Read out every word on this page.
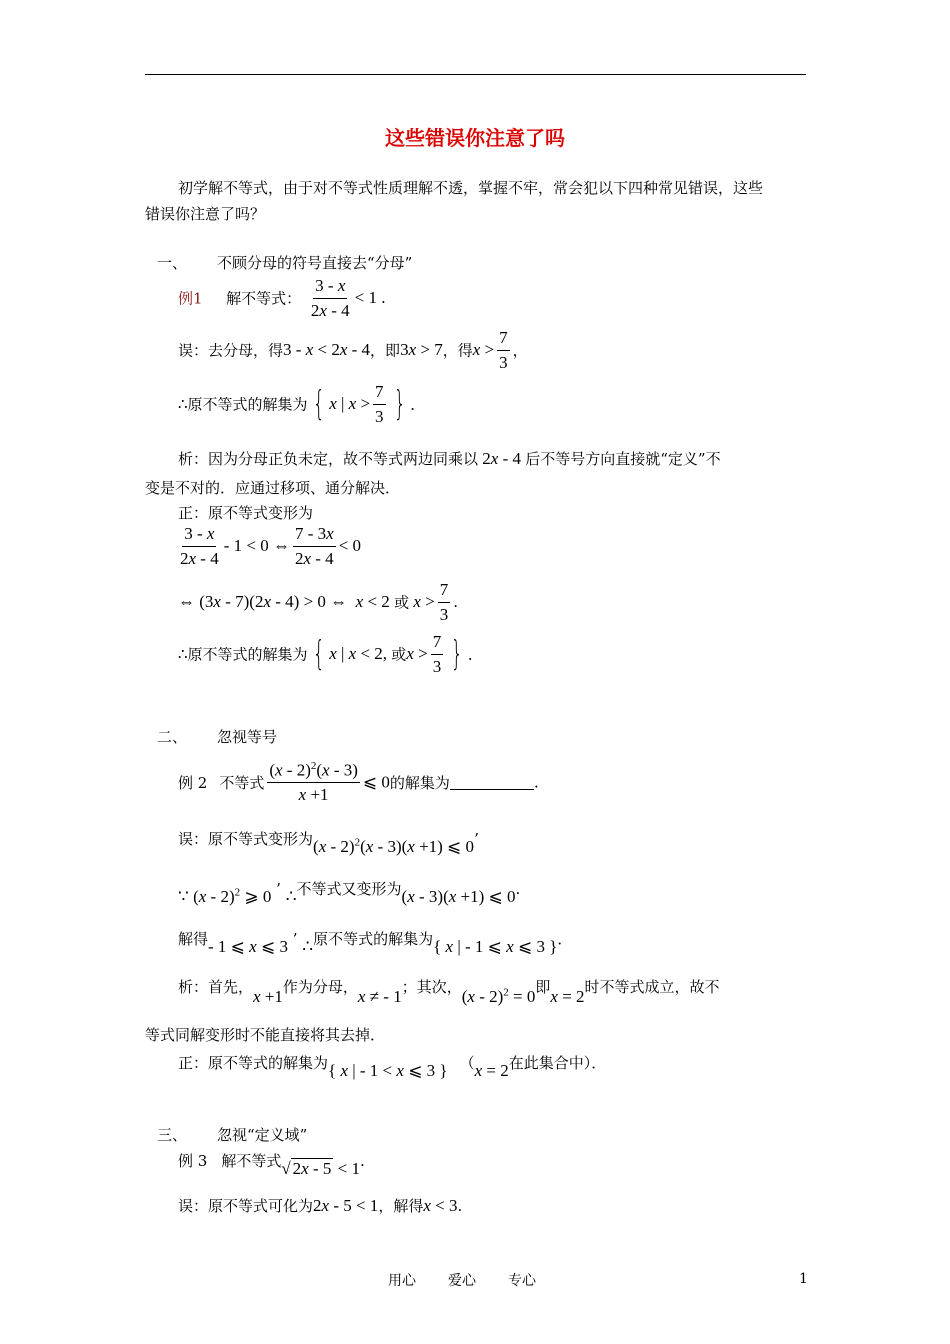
这些错误你注意了吗
初学解不等式，由于对不等式性质理解不透，掌握不牢，常会犯以下四种常见错误，这些
错误你注意了吗？
一、 不顾分母的符号直接去“分母”
例1 解不等式： $\frac{3 - x}{2x - 4} < 1$ .
误：去分母，得3 - x < 2x - 4，即3x > 7，得$x > \frac{7}{3}$ ，
∴原不等式的解集为 { x | $x > \frac{7}{3}$ } ．
析：因为分母正负未定，故不等式两边同乘以 2x - 4 后不等号方向直接就“定义”不
变是不对的．应通过移项、通分解决．
正：原不等式变形为
$\frac{3 - x}{2x - 4} - 1 < 0$ ⇔ $\frac{7 - 3x}{2x - 4} < 0$
⇔ (3x - 7)(2x - 4) > 0 ⇔  x < 2 或 $x > \frac{7}{3}$ .
∴原不等式的解集为 { x | x < 2, 或$x > \frac{7}{3}$ } ．
二、 忽视等号
例 2 不等式 $\frac{(x - 2)^2(x - 3)}{x +1}$ ⩽ 0的解集为	.
误：原不等式变形为(x - 2)$^2$(x - 3)(x +1) ⩽ 0’
∵ (x - 2)$^2$ ⩾ 0 ’ ∴不等式又变形为(x - 3)(x +1) ⩽ 0.
解得- 1 ⩽ x ⩽ 3 ’ ∴原不等式的解集为{ x | - 1 ⩽ x ⩽ 3 }．
析：首先，x +1作为分母，x ≠ - 1；其次，(x - 2)$^2$ = 0即x = 2时不等式成立，故不
等式同解变形时不能直接将其去掉．
正：原不等式的解集为{ x | - 1 < x ⩽ 3 } （x = 2在此集合中）．
三、 忽视“定义域”
例 3 解不等式√ 2x - 5 < 1.
误：原不等式可化为2x - 5 < 1，解得x < 3.
用心 爱心 专心	1
